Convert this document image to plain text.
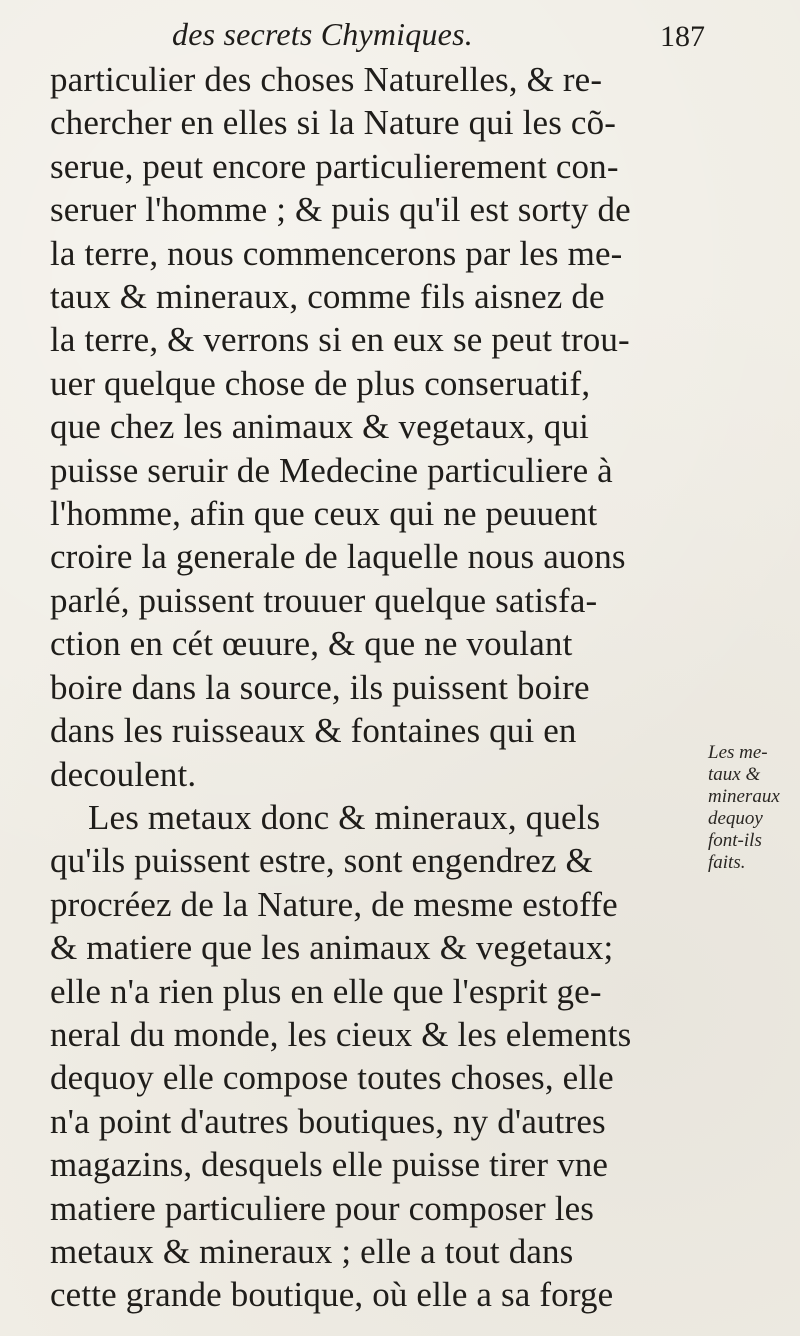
des secrets Chymiques.	187
particulier des choses Naturelles, & re-
chercher en elles si la Nature qui les cõ-
serue, peut encore particulierement con-
seruer l'homme ; & puis qu'il est sorty de
la terre, nous commencerons par les me-
taux & mineraux, comme fils aisnez de
la terre, & verrons si en eux se peut trou-
uer quelque chose de plus conseruatif,
que chez les animaux & vegetaux, qui
puisse seruir de Medecine particuliere à
l'homme, afin que ceux qui ne peuuent
croire la generale de laquelle nous auons
parlé, puissent trouuer quelque satisfa-
ction en cét œuure, & que ne voulant
boire dans la source, ils puissent boire
dans les ruisseaux & fontaines qui en
decoulent.
Les metaux donc & mineraux, quels
qu'ils puissent estre, sont engendrez &
procréez de la Nature, de mesme estoffe
& matiere que les animaux & vegetaux;
elle n'a rien plus en elle que l'esprit ge-
neral du monde, les cieux & les elements
dequoy elle compose toutes choses, elle
n'a point d'autres boutiques, ny d'autres
magazins, desquels elle puisse tirer vne
matiere particuliere pour composer les
metaux & mineraux ; elle a tout dans
cette grande boutique, où elle a sa forge
Les me-
taux &
mineraux
dequoy
font-ils
faits.
